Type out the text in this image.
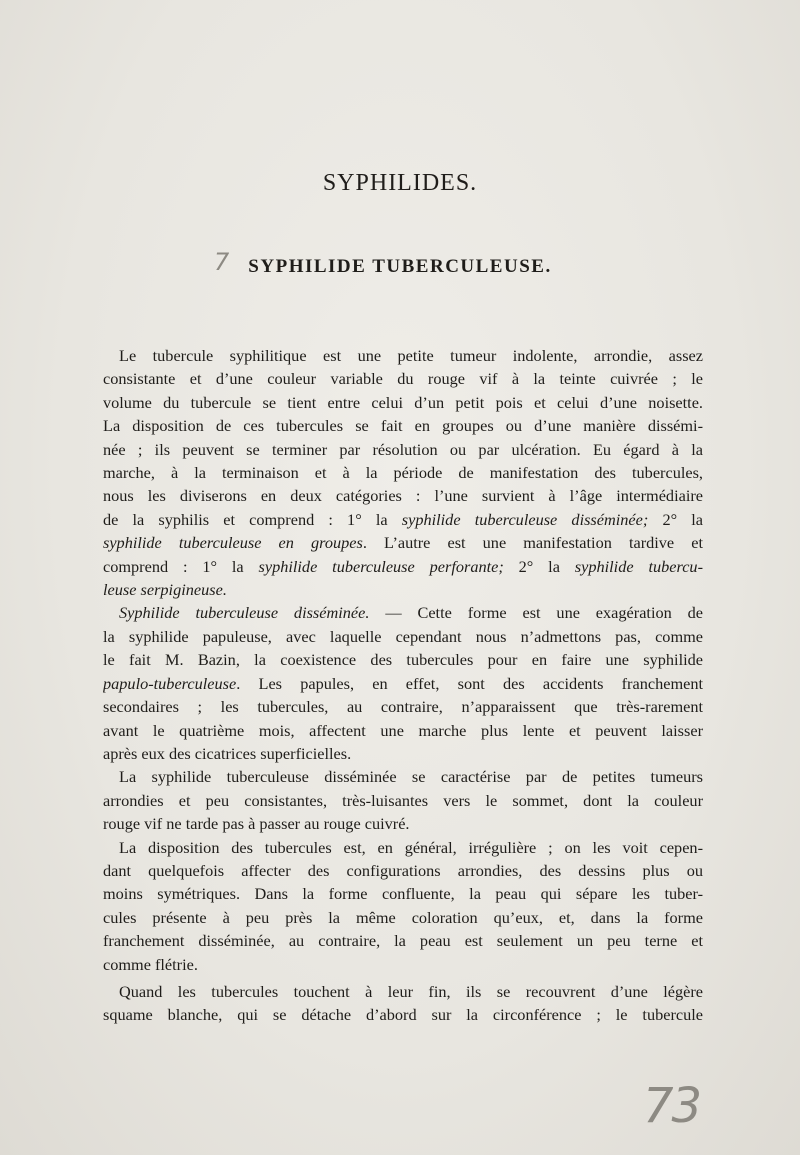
SYPHILIDES.
7	SYPHILIDE TUBERCULEUSE.
Le tubercule syphilitique est une petite tumeur indolente, arrondie, assez
consistante et d’une couleur variable du rouge vif à la teinte cuivrée ; le
volume du tubercule se tient entre celui d’un petit pois et celui d’une noisette.
La disposition de ces tubercules se fait en groupes ou d’une manière dissémi-
née ; ils peuvent se terminer par résolution ou par ulcération. Eu égard à la
marche, à la terminaison et à la période de manifestation des tubercules,
nous les diviserons en deux catégories : l’une survient à l’âge intermédiaire
de la syphilis et comprend : 1° la syphilide tuberculeuse disséminée; 2° la
syphilide tuberculeuse en groupes. L’autre est une manifestation tardive et
comprend : 1° la syphilide tuberculeuse perforante; 2° la syphilide tubercu-
leuse serpigineuse.
Syphilide tuberculeuse disséminée. — Cette forme est une exagération de
la syphilide papuleuse, avec laquelle cependant nous n’admettons pas, comme
le fait M. Bazin, la coexistence des tubercules pour en faire une syphilide
papulo-tuberculeuse. Les papules, en effet, sont des accidents franchement
secondaires ; les tubercules, au contraire, n’apparaissent que très-rarement
avant le quatrième mois, affectent une marche plus lente et peuvent laisser
après eux des cicatrices superficielles.
La syphilide tuberculeuse disséminée se caractérise par de petites tumeurs
arrondies et peu consistantes, très-luisantes vers le sommet, dont la couleur
rouge vif ne tarde pas à passer au rouge cuivré.
La disposition des tubercules est, en général, irrégulière ; on les voit cepen-
dant quelquefois affecter des configurations arrondies, des dessins plus ou
moins symétriques. Dans la forme confluente, la peau qui sépare les tuber-
cules présente à peu près la même coloration qu’eux, et, dans la forme
franchement disséminée, au contraire, la peau est seulement un peu terne et
comme flétrie.
Quand les tubercules touchent à leur fin, ils se recouvrent d’une légère
squame blanche, qui se détache d’abord sur la circonférence ; le tubercule
73
